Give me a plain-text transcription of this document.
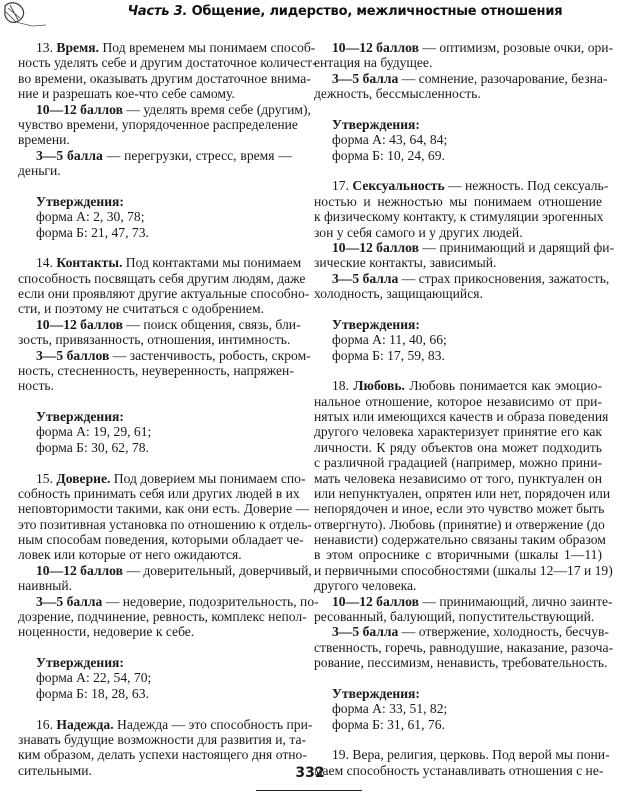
Часть 3. Общение, лидерство, межличностные отношения
13. Время. Под временем мы понимаем способ-
ность уделять себе и другим достаточное количест-
во времени, оказывать другим достаточное внима-
ние и разрешать кое-что себе самому.
10—12 баллов — уделять время себе (другим),
чувство времени, упорядоченное распределение
времени.
3—5 балла — перегрузки, стресс, время —
деньги.
Утверждения:
форма А: 2, 30, 78;
форма Б: 21, 47, 73.
14. Контакты. Под контактами мы понимаем
способность посвящать себя другим людям, даже
если они проявляют другие актуальные способно-
сти, и поэтому не считаться с одобрением.
10—12 баллов — поиск общения, связь, бли-
зость, привязанность, отношения, интимность.
3—5 баллов — застенчивость, робость, скром-
ность, стесненность, неуверенность, напряжен-
ность.
Утверждения:
форма А: 19, 29, 61;
форма Б: 30, 62, 78.
15. Доверие. Под доверием мы понимаем спо-
собность принимать себя или других людей в их
неповторимости такими, как они есть. Доверие —
это позитивная установка по отношению к отдель-
ным способам поведения, которыми обладает че-
ловек или которые от него ожидаются.
10—12 баллов — доверительный, доверчивый,
наивный.
3—5 балла — недоверие, подозрительность, по-
дозрение, подчинение, ревность, комплекс непол-
ноценности, недоверие к себе.
Утверждения:
форма А: 22, 54, 70;
форма Б: 18, 28, 63.
16. Надежда. Надежда — это способность при-
знавать будущие возможности для развития и, та-
ким образом, делать успехи настоящего дня отно-
сительными.
10—12 баллов — оптимизм, розовые очки, ори-
ентация на будущее.
3—5 балла — сомнение, разочарование, безна-
дежность, бессмысленность.
Утверждения:
форма А: 43, 64, 84;
форма Б: 10, 24, 69.
17. Сексуальность — нежность. Под сексуаль-
ностью и нежностью мы понимаем отношение
к физическому контакту, к стимуляции эрогенных
зон у себя самого и у других людей.
10—12 баллов — принимающий и дарящий фи-
зические контакты, зависимый.
3—5 балла — страх прикосновения, зажатость,
холодность, защищающийся.
Утверждения:
форма А: 11, 40, 66;
форма Б: 17, 59, 83.
18. Любовь. Любовь понимается как эмоцио-
нальное отношение, которое независимо от при-
нятых или имеющихся качеств и образа поведения
другого человека характеризует принятие его как
личности. К ряду объектов она может подходить
с различной градацией (например, можно прини-
мать человека независимо от того, пунктуален он
или непунктуален, опрятен или нет, порядочен или
непорядочен и иное, если это чувство может быть
отвергнуто). Любовь (принятие) и отвержение (до
ненависти) содержательно связаны таким образом
в этом опроснике с вторичными (шкалы 1—11)
и первичными способностями (шкалы 12—17 и 19)
другого человека.
10—12 баллов — принимающий, лично заинте-
ресованный, балующий, попустительствующий.
3—5 балла — отвержение, холодность, бесчув-
ственность, горечь, равнодушие, наказание, разоча-
рование, пессимизм, ненависть, требовательность.
Утверждения:
форма А: 33, 51, 82;
форма Б: 31, 61, 76.
19. Вера, религия, церковь. Под верой мы пони-
маем способность устанавливать отношения с не-
332
